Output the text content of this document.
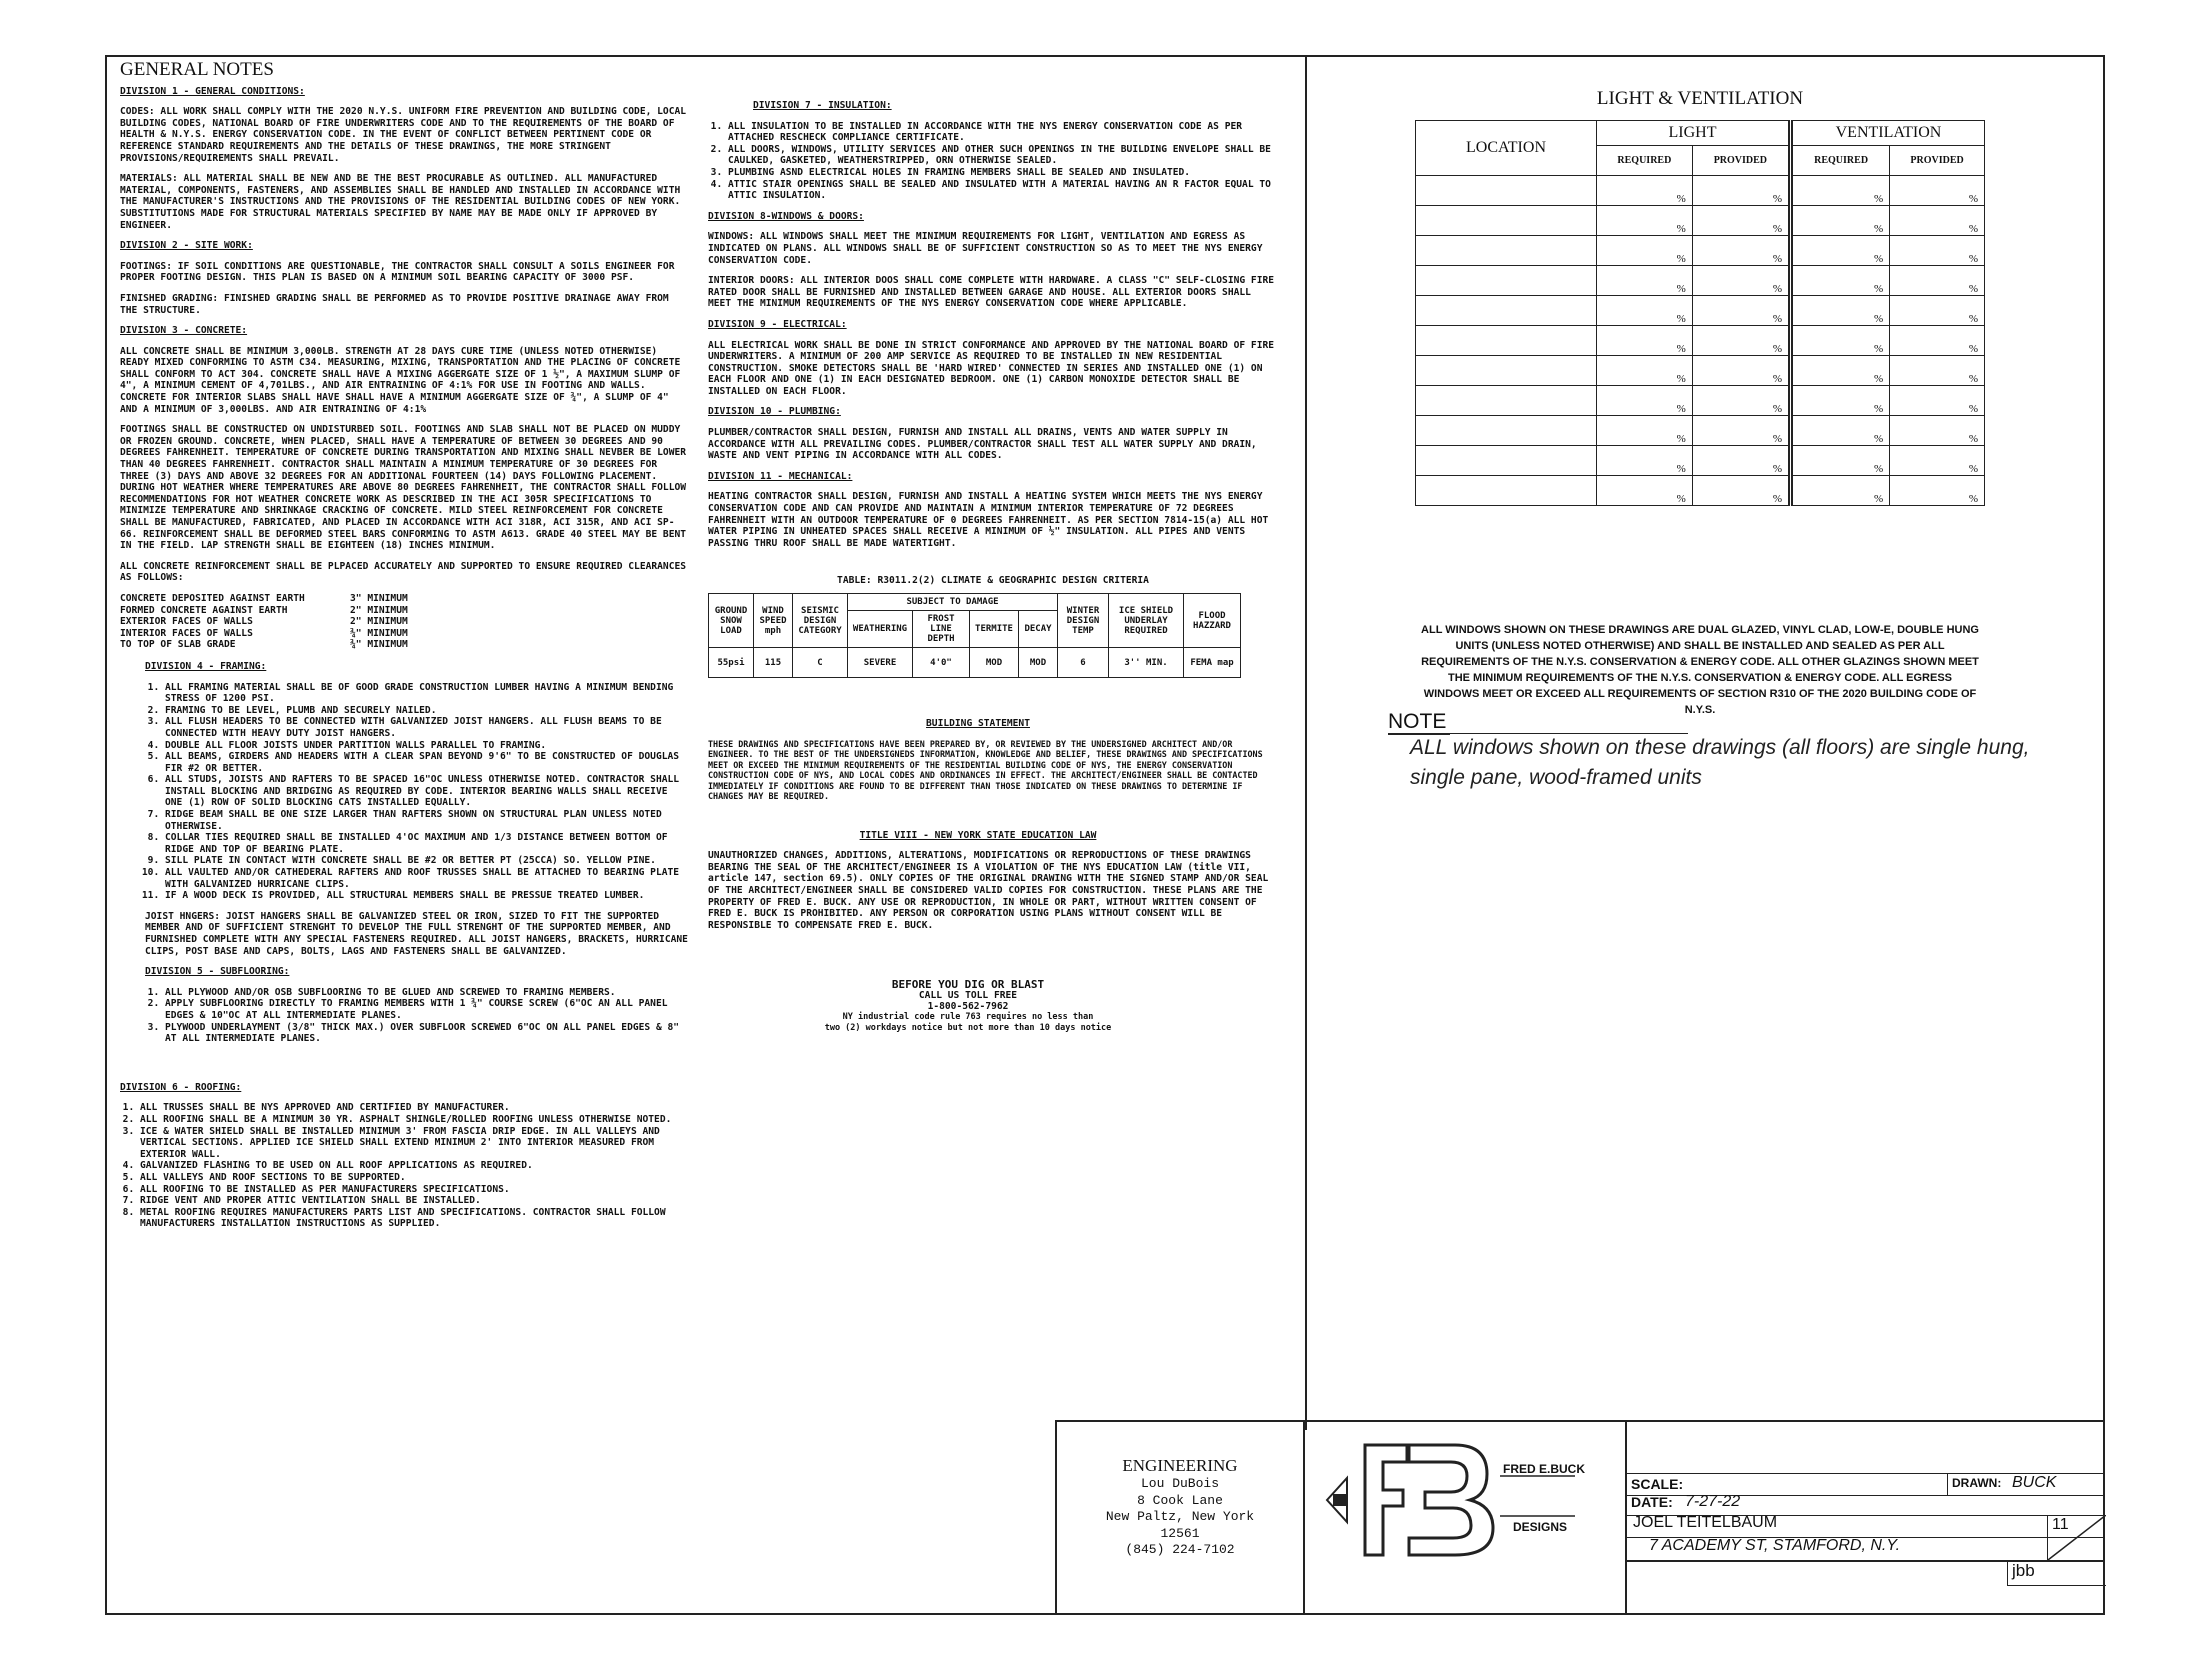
GENERAL NOTES
DIVISION 1 - GENERAL CONDITIONS:

CODES: ALL WORK SHALL COMPLY WITH THE 2020 N.Y.S. UNIFORM FIRE PREVENTION AND BUILDING CODE, LOCAL BUILDING CODES, NATIONAL BOARD OF FIRE UNDERWRITERS CODE AND TO THE REQUIREMENTS OF THE BOARD OF HEALTH & N.Y.S. ENERGY CONSERVATION CODE. IN THE EVENT OF CONFLICT BETWEEN PERTINENT CODE OR REFERENCE STANDARD REQUIREMENTS AND THE DETAILS OF THESE DRAWINGS, THE MORE STRINGENT PROVISIONS/REQUIREMENTS SHALL PREVAIL.

MATERIALS: ALL MATERIAL SHALL BE NEW AND BE THE BEST PROCURABLE AS OUTLINED. ALL MANUFACTURED MATERIAL, COMPONENTS, FASTENERS, AND ASSEMBLIES SHALL BE HANDLED AND INSTALLED IN ACCORDANCE WITH THE MANUFACTURER'S INSTRUCTIONS AND THE PROVISIONS OF THE RESIDENTIAL BUILDING CODES OF NEW YORK. SUBSTITUTIONS MADE FOR STRUCTURAL MATERIALS SPECIFIED BY NAME MAY BE MADE ONLY IF APPROVED BY ENGINEER.

DIVISION 2 - SITE WORK:

FOOTINGS: IF SOIL CONDITIONS ARE QUESTIONABLE, THE CONTRACTOR SHALL CONSULT A SOILS ENGINEER FOR PROPER FOOTING DESIGN. THIS PLAN IS BASED ON A MINIMUM SOIL BEARING CAPACITY OF 3000 PSF.

FINISHED GRADING: FINISHED GRADING SHALL BE PERFORMED AS TO PROVIDE POSITIVE DRAINAGE AWAY FROM THE STRUCTURE.

DIVISION 3 - CONCRETE:

ALL CONCRETE SHALL BE MINIMUM 3,000LB. STRENGTH AT 28 DAYS CURE TIME (UNLESS NOTED OTHERWISE) READY MIXED CONFORMING TO ASTM C34. MEASURING, MIXING, TRANSPORTATION AND THE PLACING OF CONCRETE SHALL CONFORM TO ACT 304. CONCRETE SHALL HAVE A MIXING AGGERGATE SIZE OF 1 ½", A MAXIMUM SLUMP OF 4", A MINIMUM CEMENT OF 4,701LBS., AND AIR ENTRAINING OF 4:1% FOR USE IN FOOTING AND WALLS. CONCRETE FOR INTERIOR SLABS SHALL HAVE SHALL HAVE A MINIMUM AGGERGATE SIZE OF ¾", A SLUMP OF 4" AND A MINIMUM OF 3,000LBS. AND AIR ENTRAINING OF 4:1%

FOOTINGS SHALL BE CONSTRUCTED ON UNDISTURBED SOIL. FOOTINGS AND SLAB SHALL NOT BE PLACED ON MUDDY OR FROZEN GROUND. CONCRETE, WHEN PLACED, SHALL HAVE A TEMPERATURE OF BETWEEN 30 DEGREES AND 90 DEGREES FAHRENHEIT. TEMPERATURE OF CONCRETE DURING TRANSPORTATION AND MIXING SHALL NEVBER BE LOWER THAN 40 DEGREES FAHRENHEIT. CONTRACTOR SHALL MAINTAIN A MINIMUM TEMPERATURE OF 30 DEGREES FOR THREE (3) DAYS AND ABOVE 32 DEGREES FOR AN ADDITIONAL FOURTEEN (14) DAYS FOLLOWING PLACEMENT. DURING HOT WEATHER WHERE TEMPERATURES ARE ABOVE 80 DEGREES FAHRENHEIT, THE CONTRACTOR SHALL FOLLOW RECOMMENDATIONS FOR HOT WEATHER CONCRETE WORK AS DESCRIBED IN THE ACI 305R SPECIFICATIONS TO MINIMIZE TEMPERATURE AND SHRINKAGE CRACKING OF CONCRETE. MILD STEEL REINFORCEMENT FOR CONCRETE SHALL BE MANUFACTURED, FABRICATED, AND PLACED IN ACCORDANCE WITH ACI 318R, ACI 315R, AND ACI SP-66. REINFORCEMENT SHALL BE DEFORMED STEEL BARS CONFORMING TO ASTM A613. GRADE 40 STEEL MAY BE BENT IN THE FIELD. LAP STRENGTH SHALL BE EIGHTEEN (18) INCHES MINIMUM.

ALL CONCRETE REINFORCEMENT SHALL BE PLPACED ACCURATELY AND SUPPORTED TO ENSURE REQUIRED CLEARANCES AS FOLLOWS:

CONCRETE DEPOSITED AGAINST EARTH	3" MINIMUM
FORMED CONCRETE AGAINST EARTH	2" MINIMUM
EXTERIOR FACES OF WALLS	2" MINIMUM
INTERIOR FACES OF WALLS	¾" MINIMUM
TO TOP OF SLAB GRADE	¾" MINIMUM
DIVISION 4 - FRAMING:
1. ALL FRAMING MATERIAL SHALL BE OF GOOD GRADE CONSTRUCTION LUMBER HAVING A MINIMUM BENDING STRESS OF 1200 PSI.
2. FRAMING TO BE LEVEL, PLUMB AND SECURELY NAILED.
3. ALL FLUSH HEADERS TO BE CONNECTED WITH GALVANIZED JOIST HANGERS. ALL FLUSH BEAMS TO BE CONNECTED WITH HEAVY DUTY JOIST HANGERS.
4. DOUBLE ALL FLOOR JOISTS UNDER PARTITION WALLS PARALLEL TO FRAMING.
5. ALL BEAMS, GIRDERS AND HEADERS WITH A CLEAR SPAN BEYOND 9'6" TO BE CONSTRUCTED OF DOUGLAS FIR #2 OR BETTER.
6. ALL STUDS, JOISTS AND RAFTERS TO BE SPACED 16"OC UNLESS OTHERWISE NOTED. CONTRACTOR SHALL INSTALL BLOCKING AND BRIDGING AS REQUIRED BY CODE. INTERIOR BEARING WALLS SHALL RECEIVE ONE (1) ROW OF SOLID BLOCKING CATS INSTALLED EQUALLY.
7. RIDGE BEAM SHALL BE ONE SIZE LARGER THAN RAFTERS SHOWN ON STRUCTURAL PLAN UNLESS NOTED OTHERWISE.
8. COLLAR TIES REQUIRED SHALL BE INSTALLED 4'OC MAXIMUM AND 1/3 DISTANCE BETWEEN BOTTOM OF RIDGE AND TOP OF BEARING PLATE.
9. SILL PLATE IN CONTACT WITH CONCRETE SHALL BE #2 OR BETTER PT (25CCA) SO. YELLOW PINE.
10. ALL VAULTED AND/OR CATHEDERAL RAFTERS AND ROOF TRUSSES SHALL BE ATTACHED TO BEARING PLATE WITH GALVANIZED HURRICANE CLIPS.
11. IF A WOOD DECK IS PROVIDED, ALL STRUCTURAL MEMBERS SHALL BE PRESSUE TREATED LUMBER.

JOIST HNGERS: JOIST HANGERS SHALL BE GALVANIZED STEEL OR IRON, SIZED TO FIT THE SUPPORTED MEMBER AND OF SUFFICIENT STRENGHT TO DEVELOP THE FULL STRENGHT OF THE SUPPORTED MEMBER, AND FURNISHED COMPLETE WITH ANY SPECIAL FASTENERS REQUIRED. ALL JOIST HANGERS, BRACKETS, HURRICANE CLIPS, POST BASE AND CAPS, BOLTS, LAGS AND FASTENERS SHALL BE GALVANIZED.

DIVISION 5 - SUBFLOORING:
1. ALL PLYWOOD AND/OR OSB SUBFLOORING TO BE GLUED AND SCREWED TO FRAMING MEMBERS.
2. APPLY SUBFLOORING DIRECTLY TO FRAMING MEMBERS WITH 1 ¾" COURSE SCREW (6"OC AN ALL PANEL EDGES & 10"OC AT ALL INTERMEDIATE PLANES.
3. PLYWOOD UNDERLAYMENT (3/8" THICK MAX.) OVER SUBFLOOR SCREWED 6"OC ON ALL PANEL EDGES & 8" AT ALL INTERMEDIATE PLANES.
DIVISION 6 - ROOFING:
1. ALL TRUSSES SHALL BE NYS APPROVED AND CERTIFIED BY MANUFACTURER.
2. ALL ROOFING SHALL BE A MINIMUM 30 YR. ASPHALT SHINGLE/ROLLED ROOFING UNLESS OTHERWISE NOTED.
3. ICE & WATER SHIELD SHALL BE INSTALLED MINIMUM 3' FROM FASCIA DRIP EDGE. IN ALL VALLEYS AND VERTICAL SECTIONS. APPLIED ICE SHIELD SHALL EXTEND MINIMUM 2' INTO INTERIOR MEASURED FROM EXTERIOR WALL.
4. GALVANIZED FLASHING TO BE USED ON ALL ROOF APPLICATIONS AS REQUIRED.
5. ALL VALLEYS AND ROOF SECTIONS TO BE SUPPORTED.
6. ALL ROOFING TO BE INSTALLED AS PER MANUFACTURERS SPECIFICATIONS.
7. RIDGE VENT AND PROPER ATTIC VENTILATION SHALL BE INSTALLED.
8. METAL ROOFING REQUIRES MANUFACTURERS PARTS LIST AND SPECIFICATIONS. CONTRACTOR SHALL FOLLOW MANUFACTURERS INSTALLATION INSTRUCTIONS AS SUPPLIED.
DIVISION 7 - INSULATION:
1. ALL INSULATION TO BE INSTALLED IN ACCORDANCE WITH THE NYS ENERGY CONSERVATION CODE AS PER ATTACHED RESCHECK COMPLIANCE CERTIFICATE.
2. ALL DOORS, WINDOWS, UTILITY SERVICES AND OTHER SUCH OPENINGS IN THE BUILDING ENVELOPE SHALL BE CAULKED, GASKETED, WEATHERSTRIPPED, ORN OTHERWISE SEALED.
3. PLUMBING ASND ELECTRICAL HOLES IN FRAMING MEMBERS SHALL BE SEALED AND INSULATED.
4. ATTIC STAIR OPENINGS SHALL BE SEALED AND INSULATED WITH A MATERIAL HAVING AN R FACTOR EQUAL TO ATTIC INSULATION.
DIVISION 8-WINDOWS & DOORS:

WINDOWS: ALL WINDOWS SHALL MEET THE MINIMUM REQUIREMENTS FOR LIGHT, VENTILATION AND EGRESS AS INDICATED ON PLANS. ALL WINDOWS SHALL BE OF SUFFICIENT CONSTRUCTION SO AS TO MEET THE NYS ENERGY CONSERVATION CODE.

INTERIOR DOORS: ALL INTERIOR DOOS SHALL COME COMPLETE WITH HARDWARE. A CLASS "C" SELF-CLOSING FIRE RATED DOOR SHALL BE FURNISHED AND INSTALLED BETWEEN GARAGE AND HOUSE. ALL EXTERIOR DOORS SHALL MEET THE MINIMUM REQUIREMENTS OF THE NYS ENERGY CONSERVATION CODE WHERE APPLICABLE.

DIVISION 9 - ELECTRICAL:

ALL ELECTRICAL WORK SHALL BE DONE IN STRICT CONFORMANCE AND APPROVED BY THE NATIONAL BOARD OF FIRE UNDERWRITERS. A MINIMUM OF 200 AMP SERVICE AS REQUIRED TO BE INSTALLED IN NEW RESIDENTIAL CONSTRUCTION. SMOKE DETECTORS SHALL BE 'HARD WIRED' CONNECTED IN SERIES AND INSTALLED ONE (1) ON EACH FLOOR AND ONE (1) IN EACH DESIGNATED BEDROOM. ONE (1) CARBON MONOXIDE DETECTOR SHALL BE INSTALLED ON EACH FLOOR.

DIVISION 10 - PLUMBING:

PLUMBER/CONTRACTOR SHALL DESIGN, FURNISH AND INSTALL ALL DRAINS, VENTS AND WATER SUPPLY IN ACCORDANCE WITH ALL PREVAILING CODES. PLUMBER/CONTRACTOR SHALL TEST ALL WATER SUPPLY AND DRAIN, WASTE AND VENT PIPING IN ACCORDANCE WITH ALL CODES.

DIVISION 11 - MECHANICAL:

HEATING CONTRACTOR SHALL DESIGN, FURNISH AND INSTALL A HEATING SYSTEM WHICH MEETS THE NYS ENERGY CONSERVATION CODE AND CAN PROVIDE AND MAINTAIN A MINIMUM INTERIOR TEMPERATURE OF 72 DEGREES FAHRENHEIT WITH AN OUTDOOR TEMPERATURE OF 0 DEGREES FAHRENHEIT. AS PER SECTION 7814-15(a) ALL HOT WATER PIPING IN UNHEATED SPACES SHALL RECEIVE A MINIMUM OF ½" INSULATION. ALL PIPES AND VENTS PASSING THRU ROOF SHALL BE MADE WATERTIGHT.

TABLE: R3011.2(2) CLIMATE & GEOGRAPHIC DESIGN CRITERIA
GROUND SNOW LOAD	WIND SPEED mph	SEISMIC DESIGN CATEGORY	SUBJECT TO DAMAGE				WINTER DESIGN TEMP	ICE SHIELD UNDERLAY REQUIRED	FLOOD HAZZARD
			WEATHERING	FROST LINE DEPTH	TERMITE	DECAY			
55psi	115	C	SEVERE	4'0"	MOD	MOD	6	3'' MIN.	FEMA map
BUILDING STATEMENT

THESE DRAWINGS AND SPECIFICATIONS HAVE BEEN PREPARED BY, OR REVIEWED BY THE UNDERSIGNED ARCHITECT AND/OR ENGINEER. TO THE BEST OF THE UNDERSIGNEDS INFORMATION, KNOWLEDGE AND BELIEF, THESE DRAWINGS AND SPECIFICATIONS MEET OR EXCEED THE MINIMUM REQUIREMENTS OF THE RESIDENTIAL BUILDING CODE OF NYS, THE ENERGY CONSERVATION CONSTRUCTION CODE OF NYS, AND LOCAL CODES AND ORDINANCES IN EFFECT. THE ARCHITECT/ENGINEER SHALL BE CONTACTED IMMEDIATELY IF CONDITIONS ARE FOUND TO BE DIFFERENT THAN THOSE INDICATED ON THESE DRAWINGS TO DETERMINE IF CHANGES MAY BE REQUIRED.

TITLE VIII - NEW YORK STATE EDUCATION LAW

UNAUTHORIZED CHANGES, ADDITIONS, ALTERATIONS, MODIFICATIONS OR REPRODUCTIONS OF THESE DRAWINGS BEARING THE SEAL OF THE ARCHITECT/ENGINEER IS A VIOLATION OF THE NYS EDUCATION LAW (title VII, article 147, section 69.5). ONLY COPIES OF THE ORIGINAL DRAWING WITH THE SIGNED STAMP AND/OR SEAL OF THE ARCHITECT/ENGINEER SHALL BE CONSIDERED VALID COPIES FOR CONSTRUCTION. THESE PLANS ARE THE PROPERTY OF FRED E. BUCK. ANY USE OR REPRODUCTION, IN WHOLE OR PART, WITHOUT WRITTEN CONSENT OF FRED E. BUCK IS PROHIBITED. ANY PERSON OR CORPORATION USING PLANS WITHOUT CONSENT WILL BE RESPONSIBLE TO COMPENSATE FRED E. BUCK.

BEFORE YOU DIG OR BLAST
CALL US TOLL FREE
1-800-562-7962
NY industrial code rule 763 requires no less than
two (2) workdays notice but not more than 10 days notice
LIGHT & VENTILATION
LOCATION	LIGHT		VENTILATION	
	REQUIRED	PROVIDED	REQUIRED	PROVIDED
	%	%	%	%
	%	%	%	%
	%	%	%	%
	%	%	%	%
	%	%	%	%
	%	%	%	%
	%	%	%	%
	%	%	%	%
	%	%	%	%
	%	%	%	%
	%	%	%	%
ALL WINDOWS SHOWN ON THESE DRAWINGS ARE DUAL GLAZED, VINYL CLAD, LOW-E, DOUBLE HUNG UNITS (UNLESS NOTED OTHERWISE) AND SHALL BE INSTALLED AND SEALED AS PER ALL REQUIREMENTS OF THE N.Y.S. CONSERVATION & ENERGY CODE. ALL OTHER GLAZINGS SHOWN MEET THE MINIMUM REQUIREMENTS OF THE N.Y.S. CONSERVATION & ENERGY CODE. ALL EGRESS WINDOWS MEET OR EXCEED ALL REQUIREMENTS OF SECTION R310 OF THE 2020 BUILDING CODE OF N.Y.S.
NOTE
ALL windows shown on these drawings (all floors) are single hung, single pane, wood-framed units
ENGINEERING
Lou DuBois
8 Cook Lane
New Paltz, New York
12561
(845) 224-7102
FRED E.BUCK
DESIGNS
SCALE:
DATE: 7-27-22
DRAWN: BUCK
JOEL TEITELBAUM
7 ACADEMY ST, STAMFORD, N.Y.
11
jbb
